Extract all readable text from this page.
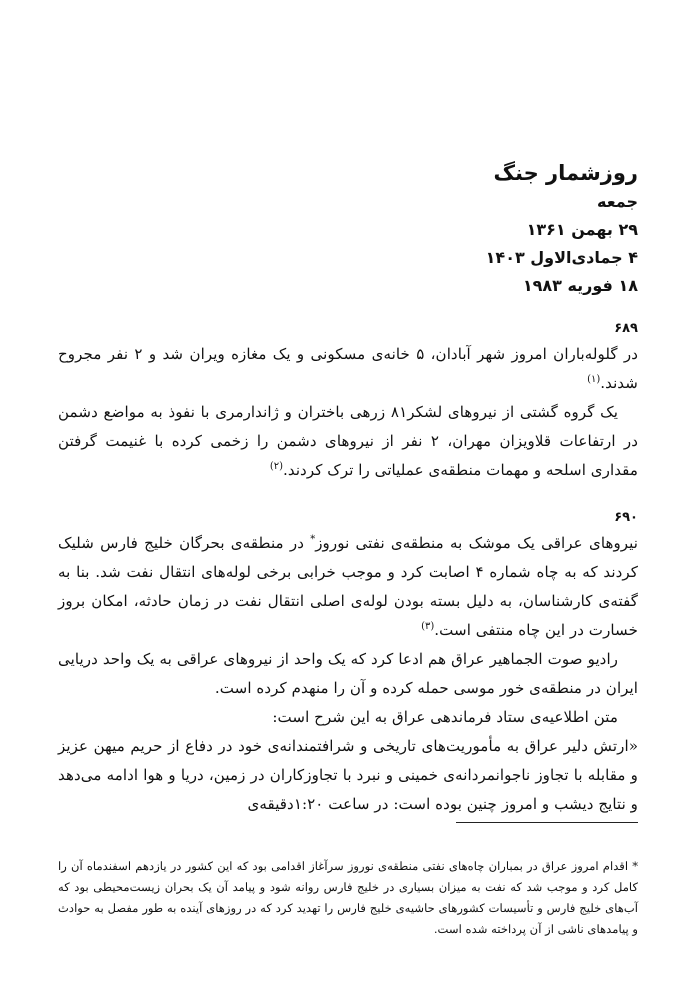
روزشمار جنگ
جمعه
۲۹ بهمن ۱۳۶۱
۴ جمادی‌الاول ۱۴۰۳
۱۸ فوریه ۱۹۸۳

۶۸۹

در گلوله‌باران امروز شهر آبادان، ۵ خانه‌ی مسکونی و یک مغازه ویران شد و ۲ نفر مجروح شدند.$^{(۱)}$

یک گروه گشتی از نیروهای لشکر۸۱ زرهی باختران و ژاندارمری با نفوذ به مواضع دشمن در ارتفاعات قلاویزان مهران، ۲ نفر از نیروهای دشمن را زخمی کرده با غنیمت گرفتن مقداری اسلحه و مهمات منطقه‌ی عملیاتی را ترک کردند.$^{(۲)}$

۶۹۰

نیروهای عراقی یک موشک به منطقه‌ی نفتی نوروز* در منطقه‌ی بحرگان خلیج فارس شلیک کردند که به چاه شماره ۴ اصابت کرد و موجب خرابی برخی لوله‌های انتقال نفت شد. بنا به گفته‌ی کارشناسان، به دلیل بسته بودن لوله‌ی اصلی انتقال نفت در زمان حادثه، امکان بروز خسارت در این چاه منتفی است.$^{(۳)}$

رادیو صوت الجماهیر عراق هم ادعا کرد که یک واحد از نیروهای عراقی به یک واحد دریایی ایران در منطقه‌ی خور موسی حمله کرده و آن را منهدم کرده است.

متن اطلاعیه‌ی ستاد فرماندهی عراق به این شرح است:

«ارتش دلیر عراق به مأموریت‌های تاریخی و شرافتمندانه‌ی خود در دفاع از حریم میهن عزیز و مقابله با تجاوز ناجوانمردانه‌ی خمینی و نبرد با تجاوزکاران در زمین، دریا و هوا ادامه می‌دهد و نتایج دیشب و امروز چنین بوده است: در ساعت ۱:۲۰دقیقه‌ی

* اقدام امروز عراق در بمباران چاه‌های نفتی منطقه‌ی نوروز سرآغاز اقدامی بود که این کشور در یازدهم اسفندماه آن را کامل کرد و موجب شد که نفت به میزان بسیاری در خلیج فارس روانه شود و پیامد آن یک بحران زیست‌محیطی بود که آب‌های خلیج فارس و تأسیسات کشورهای حاشیه‌ی خلیج فارس را تهدید کرد که در روزهای آینده به طور مفصل به حوادث و پیامدهای ناشی از آن پرداخته شده است.
